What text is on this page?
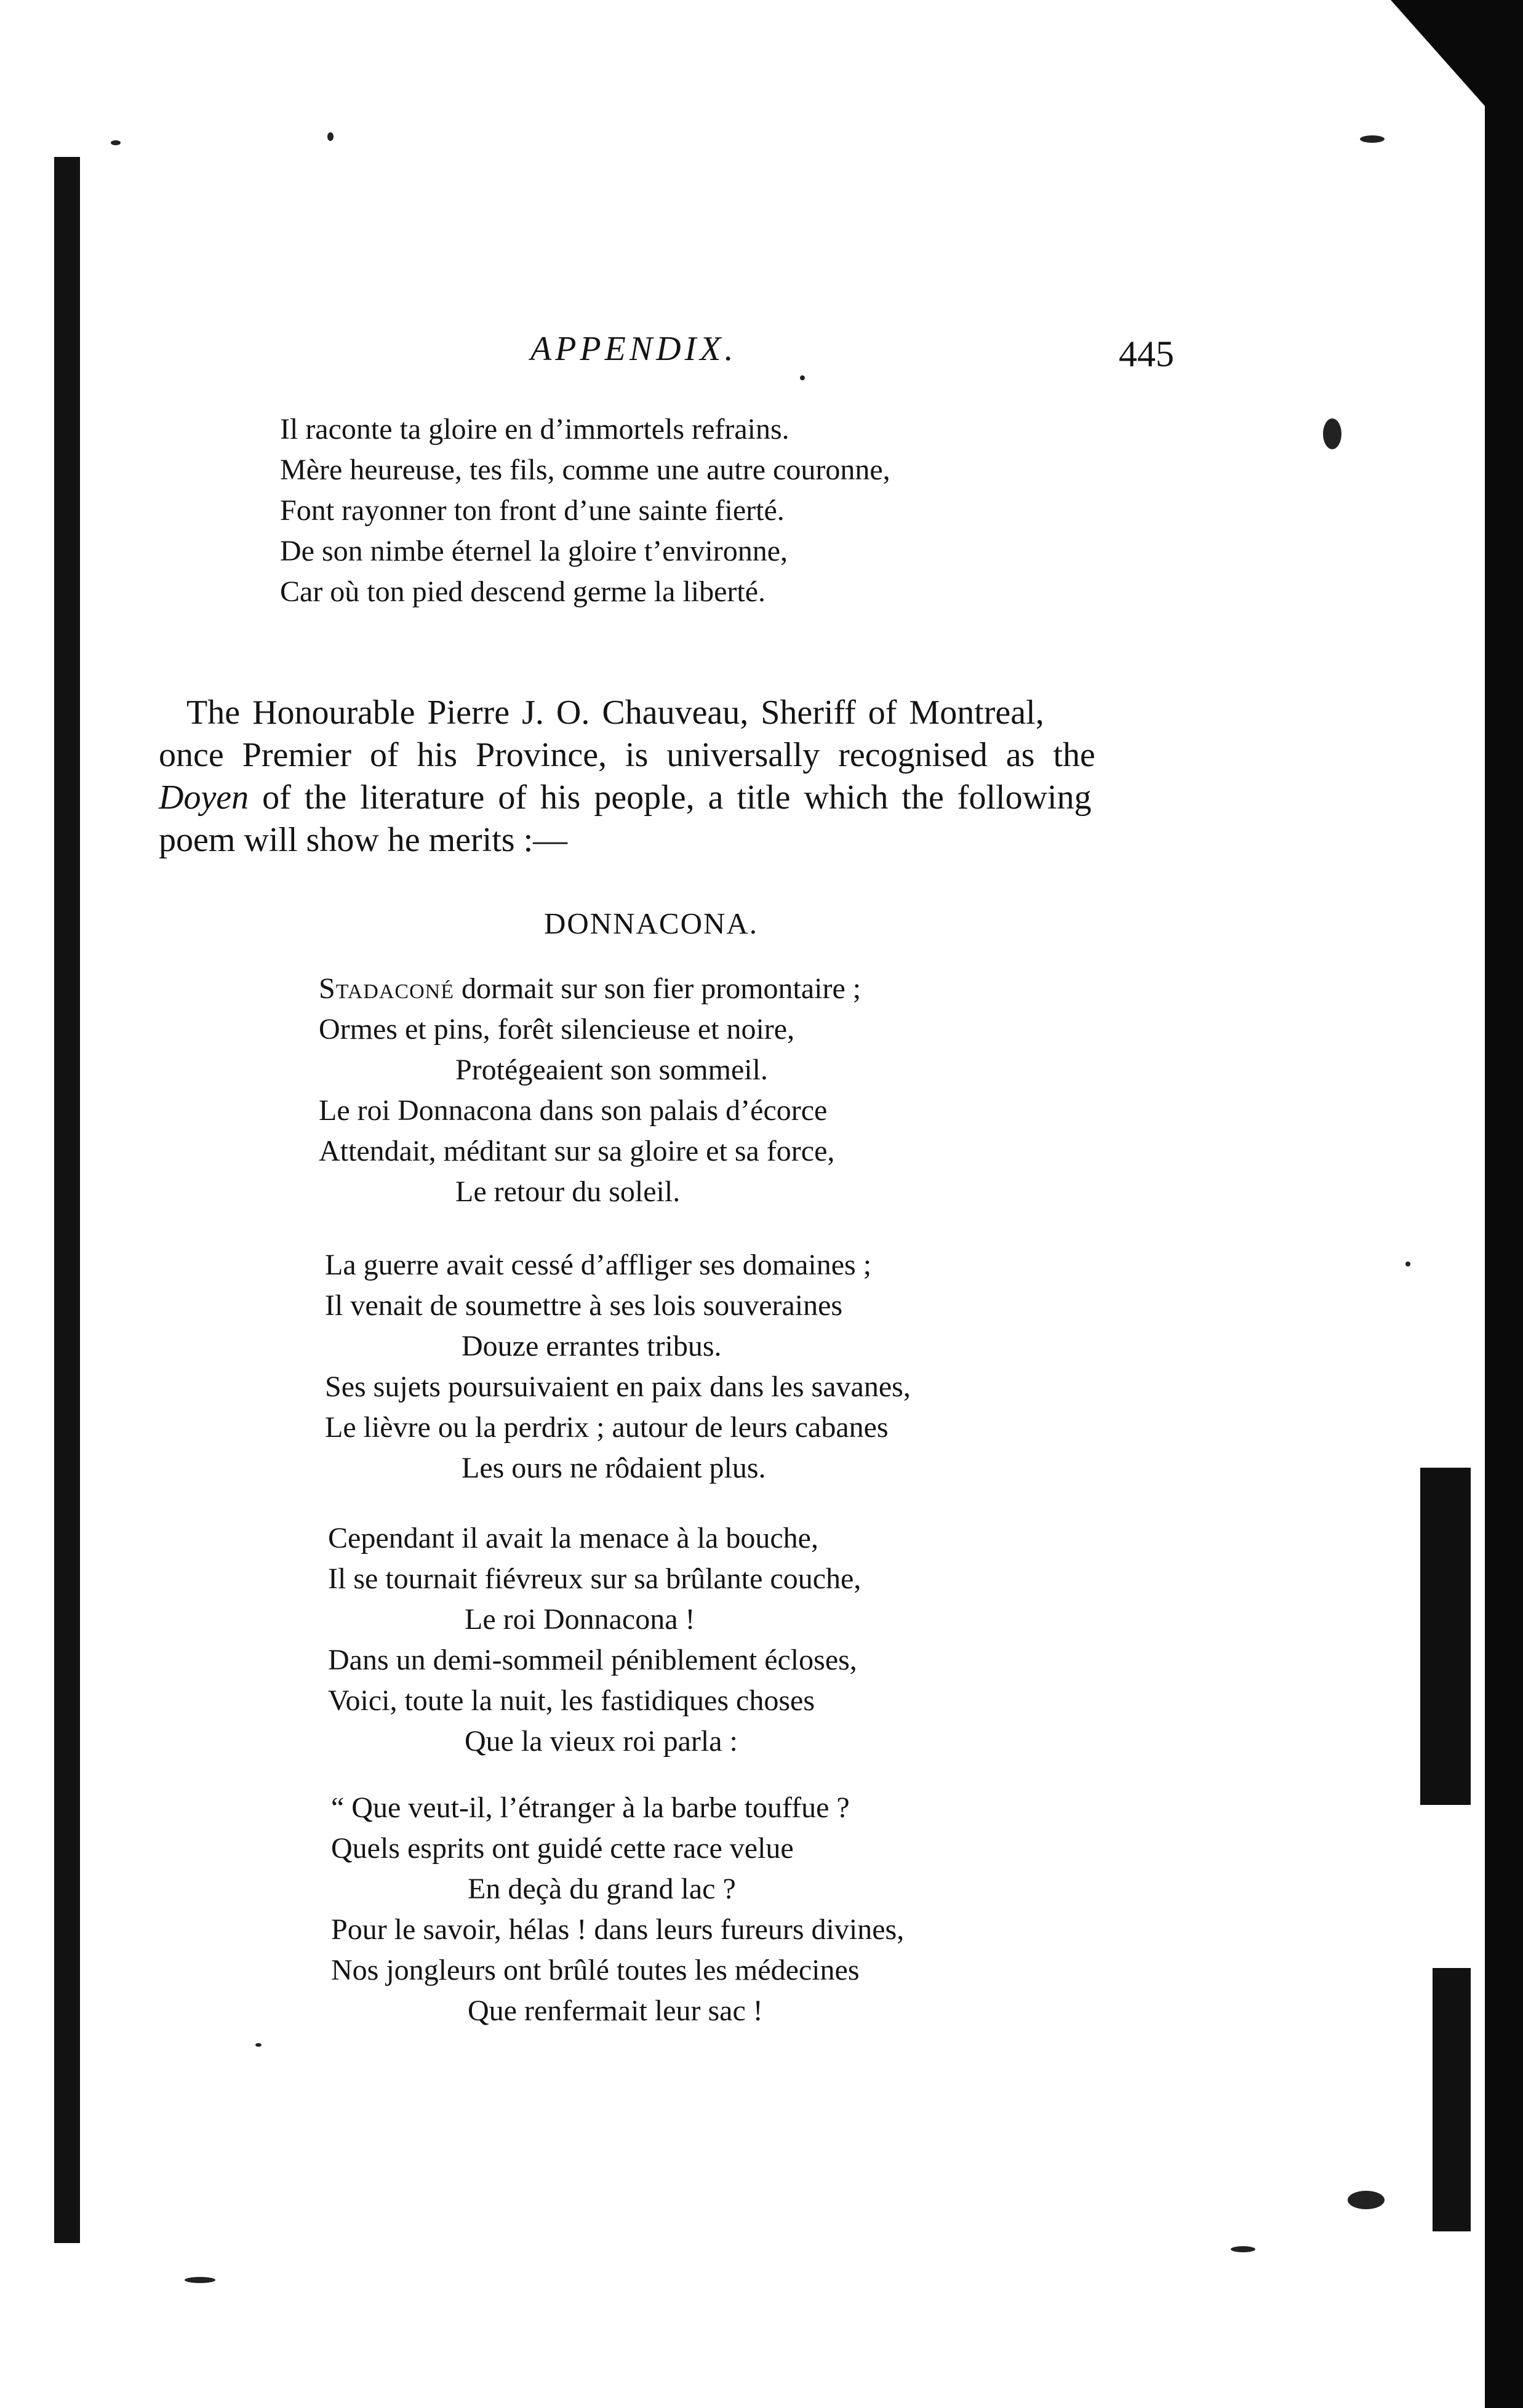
APPENDIX.	445
Il raconte ta gloire en d’immortels refrains.
Mère heureuse, tes fils, comme une autre couronne,
Font rayonner ton front d’une sainte fierté.
De son nimbe éternel la gloire t’environne,
Car où ton pied descend germe la liberté.
The Honourable Pierre J. O. Chauveau, Sheriff of Montreal,
once Premier of his Province, is universally recognised as the
Doyen of the literature of his people, a title which the following
poem will show he merits :—
DONNACONA.
Stadaconé dormait sur son fier promontaire ;
Ormes et pins, forêt silencieuse et noire,
Protégeaient son sommeil.
Le roi Donnacona dans son palais d’écorce
Attendait, méditant sur sa gloire et sa force,
Le retour du soleil.
La guerre avait cessé d’affliger ses domaines ;
Il venait de soumettre à ses lois souveraines
Douze errantes tribus.
Ses sujets poursuivaient en paix dans les savanes,
Le lièvre ou la perdrix ; autour de leurs cabanes
Les ours ne rôdaient plus.
Cependant il avait la menace à la bouche,
Il se tournait fiévreux sur sa brûlante couche,
Le roi Donnacona !
Dans un demi-sommeil péniblement écloses,
Voici, toute la nuit, les fastidiques choses
Que la vieux roi parla :
“ Que veut-il, l’étranger à la barbe touffue ?
Quels esprits ont guidé cette race velue
En deçà du grand lac ?
Pour le savoir, hélas ! dans leurs fureurs divines,
Nos jongleurs ont brûlé toutes les médecines
Que renfermait leur sac !
